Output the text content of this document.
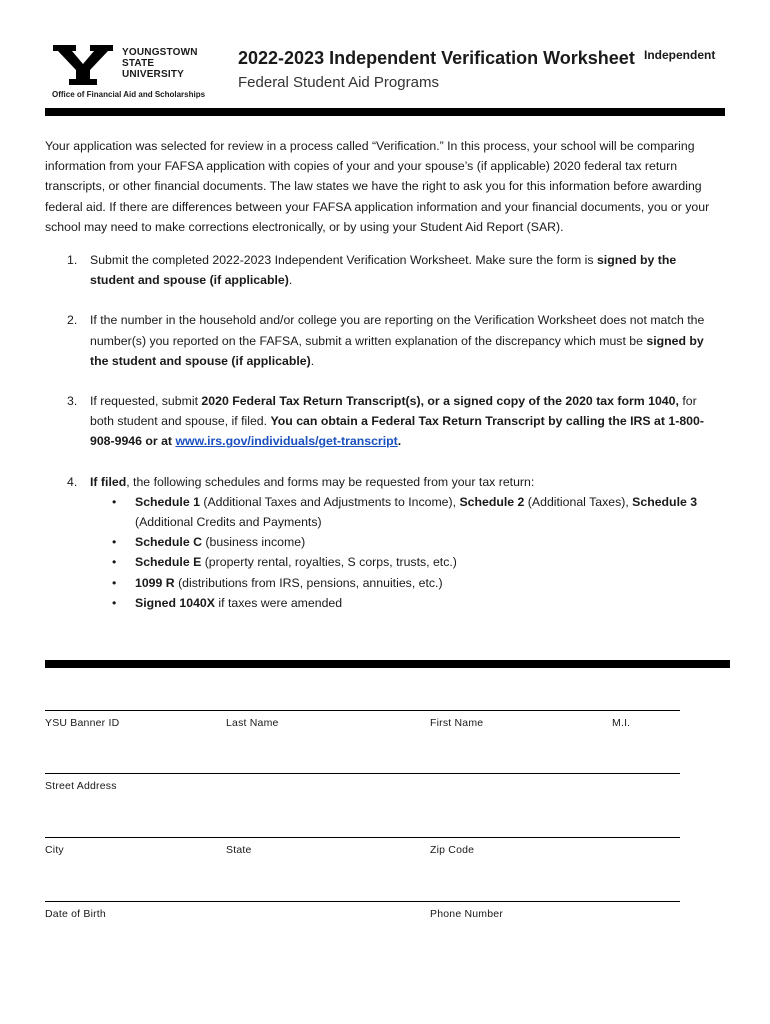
YOUNGSTOWN
STATE
UNIVERSITY
Office of Financial Aid and Scholarships
2022-2023 Independent Verification Worksheet
Federal Student Aid Programs
Independent
Your application was selected for review in a process called “Verification.” In this process, your school will be comparing information from your FAFSA application with copies of your and your spouse’s (if applicable) 2020 federal tax return transcripts, or other financial documents. The law states we have the right to ask you for this information before awarding federal aid. If there are differences between your FAFSA application information and your financial documents, you or your school may need to make corrections electronically, or by using your Student Aid Report (SAR).
1. Submit the completed 2022-2023 Independent Verification Worksheet. Make sure the form is signed by the student and spouse (if applicable).
2. If the number in the household and/or college you are reporting on the Verification Worksheet does not match the number(s) you reported on the FAFSA, submit a written explanation of the discrepancy which must be signed by the student and spouse (if applicable).
3. If requested, submit 2020 Federal Tax Return Transcript(s), or a signed copy of the 2020 tax form 1040, for both student and spouse, if filed. You can obtain a Federal Tax Return Transcript by calling the IRS at 1-800-908-9946 or at www.irs.gov/individuals/get-transcript.
4. If filed, the following schedules and forms may be requested from your tax return:
• Schedule 1 (Additional Taxes and Adjustments to Income), Schedule 2 (Additional Taxes), Schedule 3 (Additional Credits and Payments)
• Schedule C (business income)
• Schedule E (property rental, royalties, S corps, trusts, etc.)
• 1099 R (distributions from IRS, pensions, annuities, etc.)
• Signed 1040X if taxes were amended
YSU Banner ID	Last Name	First Name	M.I.
Street Address
City	State	Zip Code
Date of Birth	Phone Number
